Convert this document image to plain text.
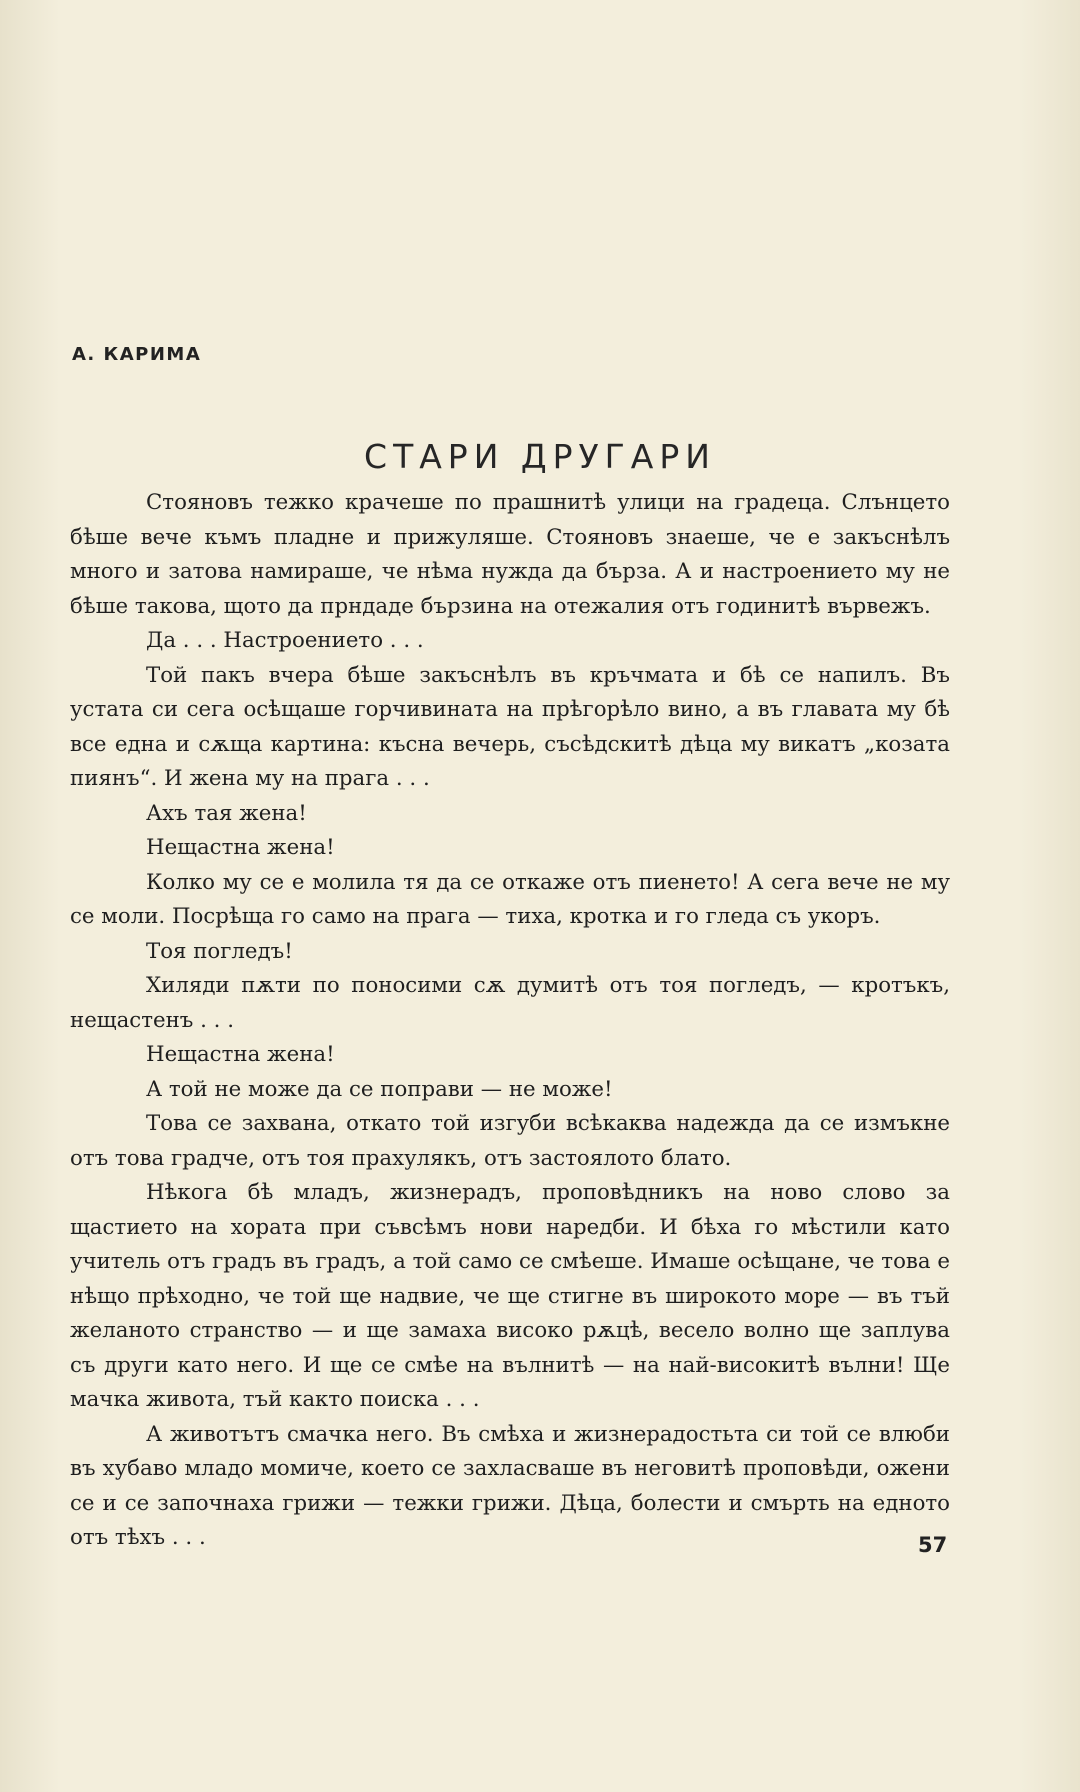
А. КАРИМА
СТАРИ ДРУГАРИ

Стояновъ тежко крачеше по прашнитѣ улици на градеца. Слънцето бѣше вече къмъ пладне и прижуляше. Стояновъ знаеше, че е закъснѣлъ много и затова намираше, че нѣма нужда да бърза. А и настроението му не бѣше такова, щото да прндаде бързина на отежалия отъ годинитѣ вървежъ.

Да . . . Настроението . . .

Той пакъ вчера бѣше закъснѣлъ въ кръчмата и бѣ се напилъ. Въ устата си сега осѣщаше горчивината на прѣгорѣло вино, а въ главата му бѣ все една и сѫща картина: късна вечерь, съсѣдскитѣ дѣца му викатъ „козата пиянъ“. И жена му на прага . . .

Ахъ тая жена!

Нещастна жена!

Колко му се е молила тя да се откаже отъ пиенето! А сега вече не му се моли. Посрѣща го само на прага — тиха, кротка и го гледа съ укоръ.

Тоя погледъ!

Хиляди пѫти по поносими сѫ думитѣ отъ тоя погледъ, — кротъкъ, нещастенъ . . .

Нещастна жена!

А той не може да се поправи — не може!

Това се захвана, откато той изгуби всѣкаква надежда да се измъкне отъ това градче, отъ тоя прахулякъ, отъ застоялото блато.

Нѣкога бѣ младъ, жизнерадъ, проповѣдникъ на ново слово за щастието на хората при съвсѣмъ нови наредби. И бѣха го мѣстили като учитель отъ градъ въ градъ, а той само се смѣеше. Имаше осѣщане, че това е нѣщо прѣходно, че той ще надвие, че ще стигне въ широкото море — въ тъй желаното странство — и ще замаха високо рѫцѣ, весело волно ще заплува съ други като него. И ще се смѣе на вълнитѣ — на най-високитѣ вълни! Ще мачка живота, тъй както поиска . . .

А животътъ смачка него. Въ смѣха и жизнерадостьта си той се влюби въ хубаво младо момиче, което се захласваше въ неговитѣ проповѣди, ожени се и се започнаха грижи — тежки грижи. Дѣца, болести и смърть на едното отъ тѣхъ . . .	57
